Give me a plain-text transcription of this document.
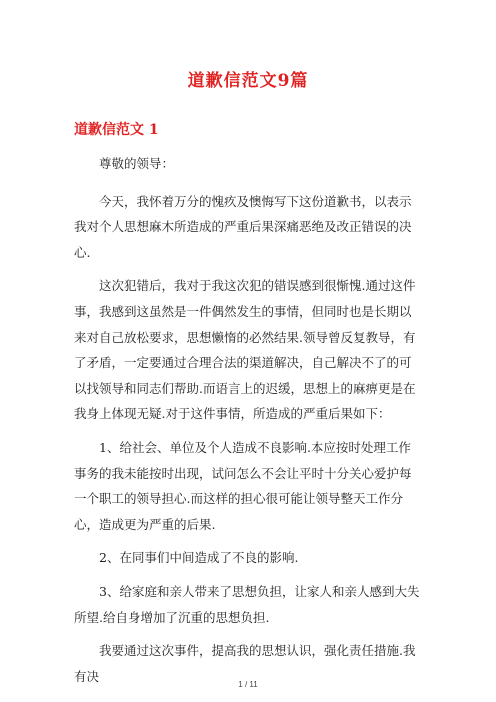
道歉信范文9篇
道歉信范文 1

尊敬的领导：

今天，我怀着万分的愧疚及懊悔写下这份道歉书，以表示我对个人思想麻木所造成的严重后果深痛恶绝及改正错误的决心.

这次犯错后，我对于我这次犯的错误感到很惭愧.通过这件事，我感到这虽然是一件偶然发生的事情，但同时也是长期以来对自己放松要求，思想懒惰的必然结果.领导曾反复教导，有了矛盾，一定要通过合理合法的渠道解决，自己解决不了的可以找领导和同志们帮助.而语言上的迟缓，思想上的麻痹更是在我身上体现无疑.对于这件事情，所造成的严重后果如下：

1、给社会、单位及个人造成不良影响.本应按时处理工作事务的我未能按时出现，试问怎么不会让平时十分关心爱护每一个职工的领导担心.而这样的担心很可能让领导整天工作分心，造成更为严重的后果.

2、在同事们中间造成了不良的影响.

3、给家庭和亲人带来了思想负担，让家人和亲人感到大失所望.给自身增加了沉重的思想负担.

我要通过这次事件，提高我的思想认识，强化责任措施.我有决

1 / 11
